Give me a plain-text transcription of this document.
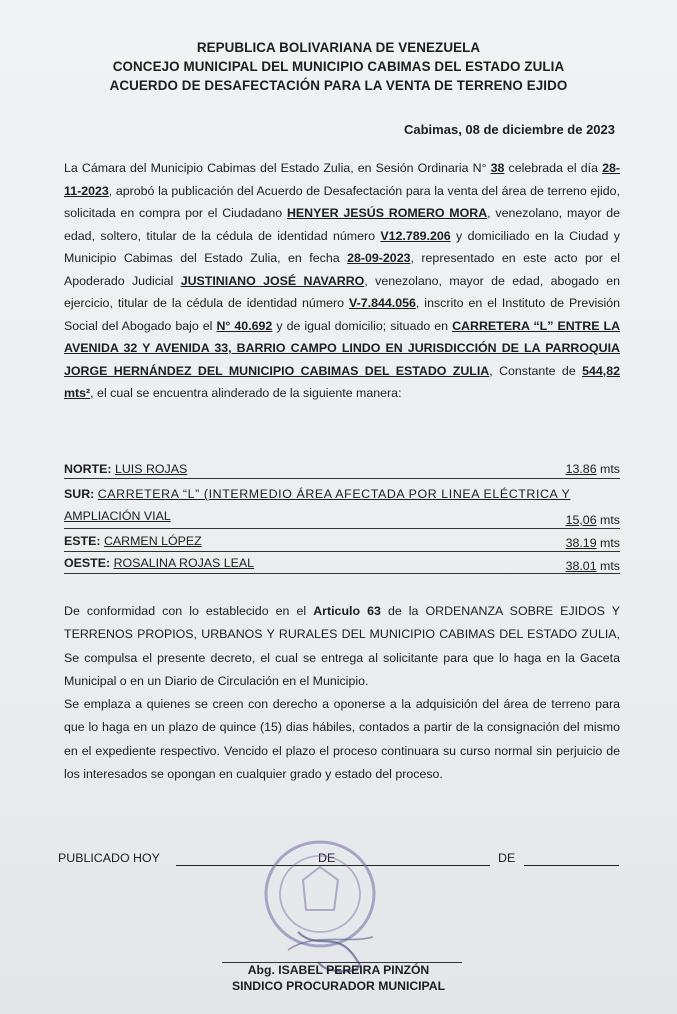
REPUBLICA BOLIVARIANA DE VENEZUELA
CONCEJO MUNICIPAL DEL MUNICIPIO CABIMAS DEL ESTADO ZULIA
ACUERDO DE DESAFECTACIÓN PARA LA VENTA DE TERRENO EJIDO
Cabimas, 08 de diciembre de 2023
La Cámara del Municipio Cabimas del Estado Zulia, en Sesión Ordinaria N° 38 celebrada el día 28-11-2023, aprobó la publicación del Acuerdo de Desafectación para la venta del área de terreno ejido, solicitada en compra por el Ciudadano HENYER JESÚS ROMERO MORA, venezolano, mayor de edad, soltero, titular de la cédula de identidad número V12.789.206 y domiciliado en la Ciudad y Municipio Cabimas del Estado Zulia, en fecha 28-09-2023, representado en este acto por el Apoderado Judicial JUSTINIANO JOSÉ NAVARRO, venezolano, mayor de edad, abogado en ejercicio, titular de la cédula de identidad número V-7.844.056, inscrito en el Instituto de Previsión Social del Abogado bajo el N° 40.692 y de igual domicilio; situado en CARRETERA “L” ENTRE LA AVENIDA 32 Y AVENIDA 33, BARRIO CAMPO LINDO EN JURISDICCIÓN DE LA PARROQUIA JORGE HERNÁNDEZ DEL MUNICIPIO CABIMAS DEL ESTADO ZULIA, Constante de 544,82 mts², el cual se encuentra alinderado de la siguiente manera:
NORTE: LUIS ROJAS	13.86 mts
SUR: CARRETERA “L” (INTERMEDIO ÁREA AFECTADA POR LINEA ELÉCTRICA Y
AMPLIACIÓN VIAL	15,06 mts
ESTE: CARMEN LÓPEZ	38.19 mts
OESTE: ROSALINA ROJAS LEAL	38.01 mts
De conformidad con lo establecido en el Articulo 63 de la ORDENANZA SOBRE EJIDOS Y TERRENOS PROPIOS, URBANOS Y RURALES DEL MUNICIPIO CABIMAS DEL ESTADO ZULIA, Se compulsa el presente decreto, el cual se entrega al solicitante para que lo haga en la Gaceta Municipal o en un Diario de Circulación en el Municipio.
Se emplaza a quienes se creen con derecho a oponerse a la adquisición del área de terreno para que lo haga en un plazo de quince (15) dias hábiles, contados a partir de la consignación del mismo en el expediente respectivo. Vencido el plazo el proceso continuara su curso normal sin perjuicio de los interesados se opongan en cualquier grado y estado del proceso.
PUBLICADO HOY	DE	DE
Abg. ISABEL PEREIRA PINZÓN
SINDICO PROCURADOR MUNICIPAL
